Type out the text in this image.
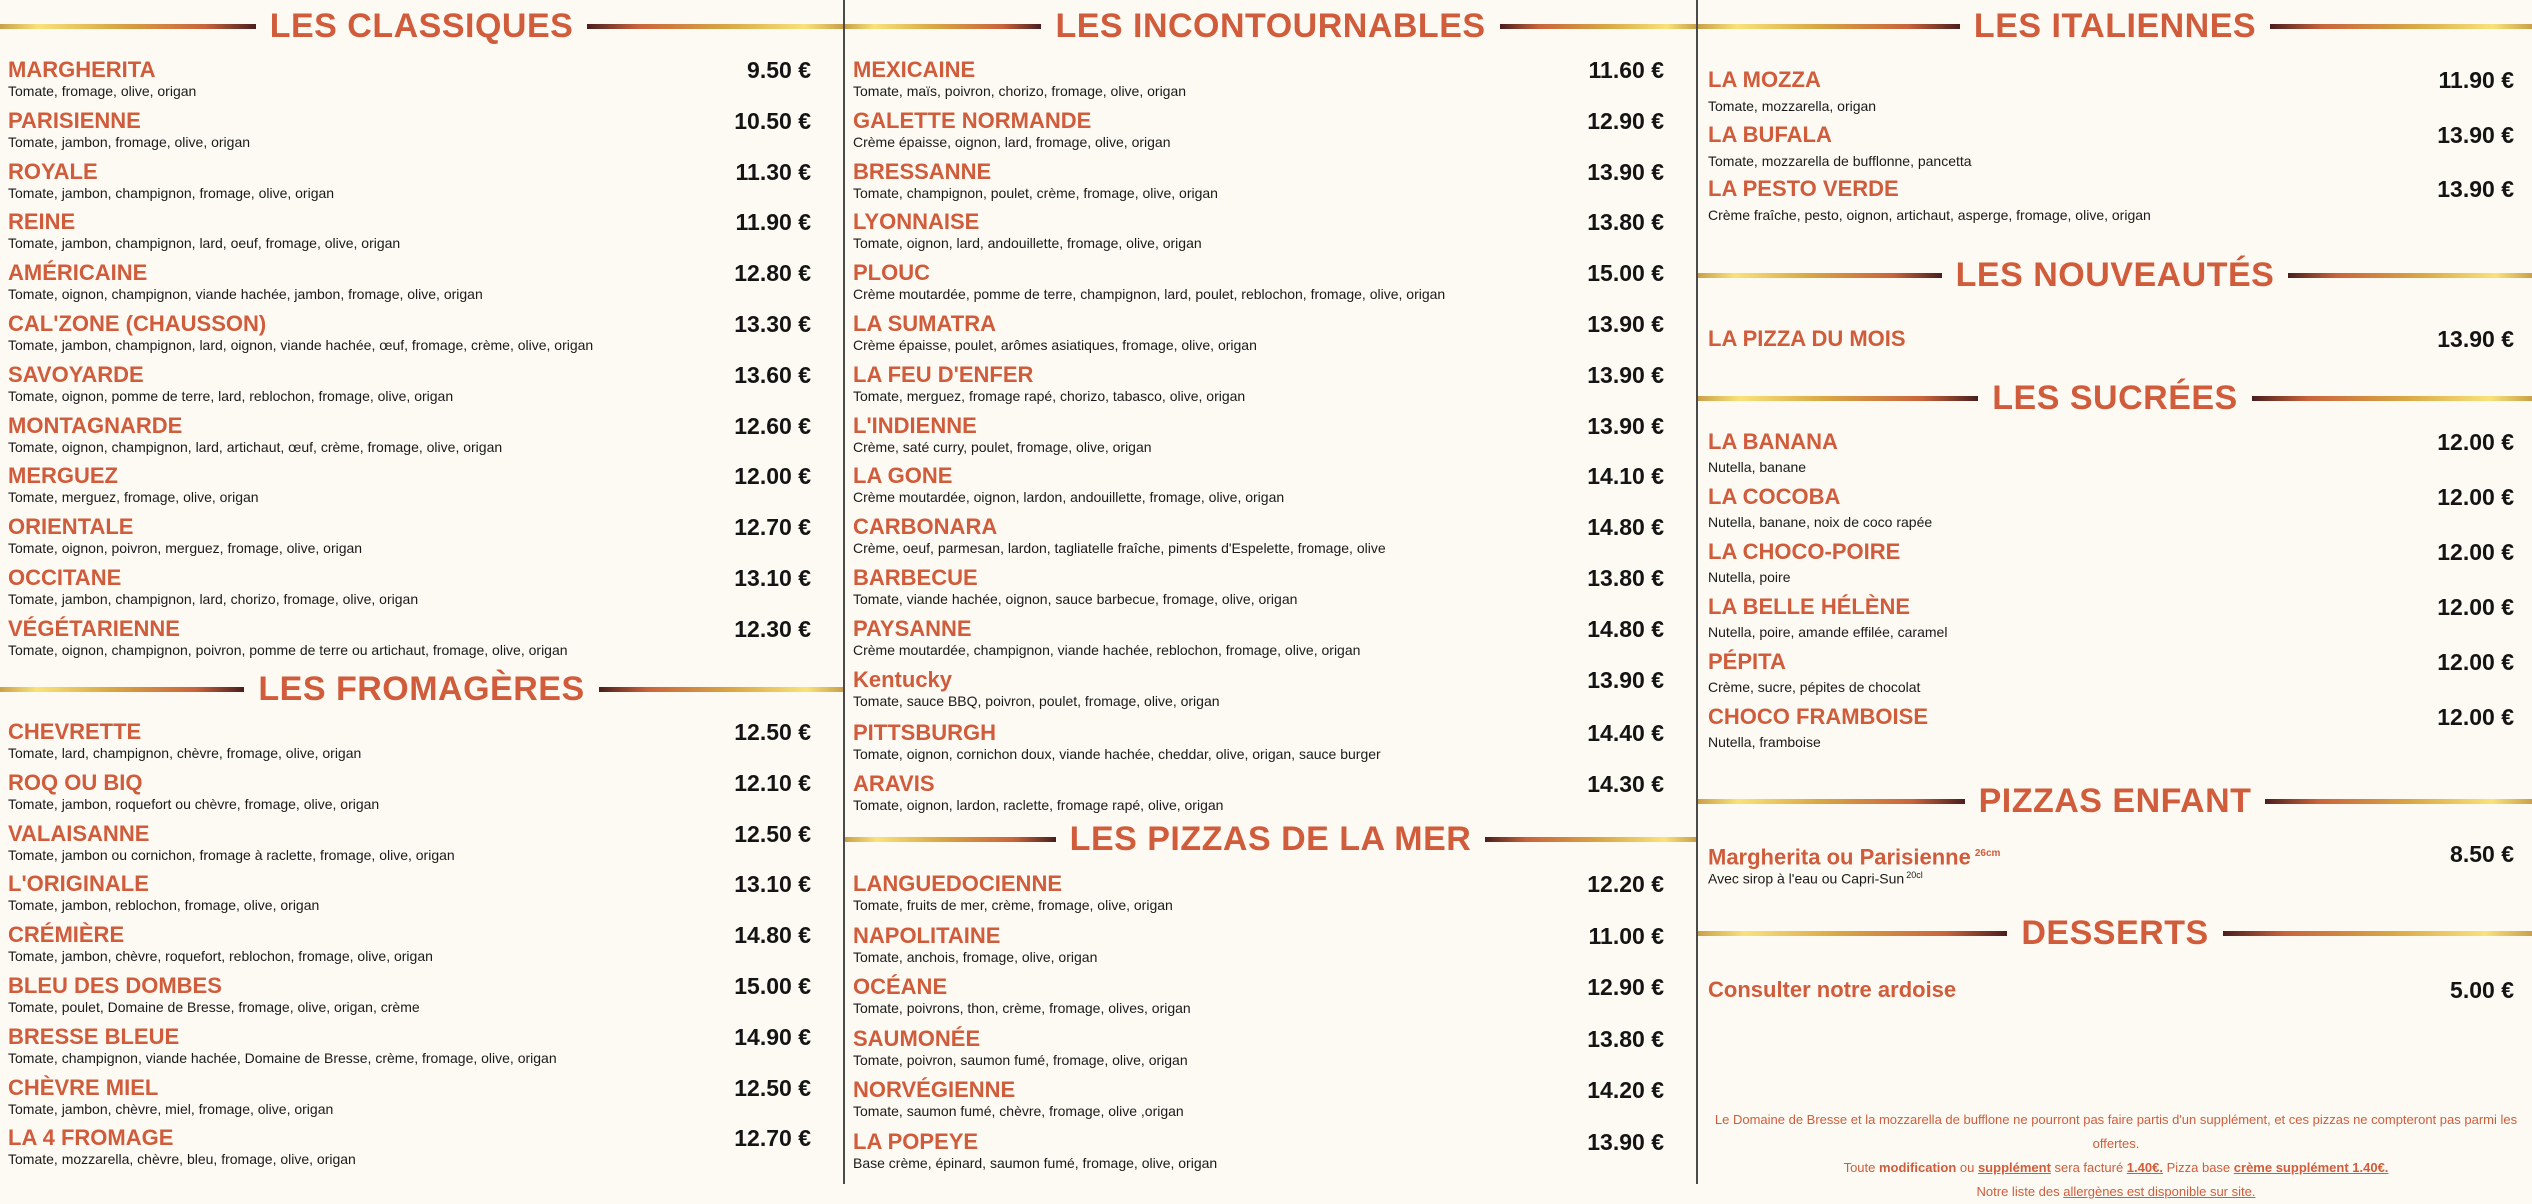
LES CLASSIQUES
MARGHERITA
Tomate, fromage, olive, origan
9.50 €
PARISIENNE
Tomate, jambon, fromage, olive, origan
10.50 €
ROYALE
Tomate, jambon, champignon, fromage, olive, origan
11.30 €
REINE
Tomate, jambon, champignon, lard, oeuf, fromage, olive, origan
11.90 €
AMÉRICAINE
Tomate, oignon, champignon, viande hachée, jambon, fromage, olive, origan
12.80 €
CAL'ZONE (CHAUSSON)
Tomate, jambon, champignon, lard, oignon, viande hachée, œuf, fromage, crème, olive, origan
13.30 €
SAVOYARDE
Tomate, oignon, pomme de terre, lard, reblochon, fromage, olive, origan
13.60 €
MONTAGNARDE
Tomate, oignon, champignon, lard, artichaut, œuf, crème, fromage, olive, origan
12.60 €
MERGUEZ
Tomate, merguez, fromage, olive, origan
12.00 €
ORIENTALE
Tomate, oignon, poivron, merguez, fromage, olive, origan
12.70 €
OCCITANE
Tomate, jambon, champignon, lard, chorizo, fromage, olive, origan
13.10 €
VÉGÉTARIENNE
Tomate, oignon, champignon, poivron, pomme de terre ou artichaut, fromage, olive, origan
12.30 €
LES FROMAGÈRES
CHEVRETTE
Tomate, lard, champignon, chèvre, fromage, olive, origan
12.50 €
ROQ OU BIQ
Tomate, jambon, roquefort ou chèvre, fromage, olive, origan
12.10 €
VALAISANNE
Tomate, jambon ou cornichon, fromage à raclette, fromage, olive, origan
12.50 €
L'ORIGINALE
Tomate, jambon, reblochon, fromage, olive, origan
13.10 €
CRÉMIÈRE
Tomate, jambon, chèvre, roquefort, reblochon, fromage, olive, origan
14.80 €
BLEU DES DOMBES
Tomate, poulet, Domaine de Bresse, fromage, olive, origan, crème
15.00 €
BRESSE BLEUE
Tomate, champignon, viande hachée, Domaine de Bresse, crème, fromage, olive, origan
14.90 €
CHÈVRE MIEL
Tomate, jambon, chèvre, miel, fromage, olive, origan
12.50 €
LA 4 FROMAGE
Tomate, mozzarella, chèvre, bleu, fromage, olive, origan
12.70 €
LES INCONTOURNABLES
MEXICAINE
Tomate, maïs, poivron, chorizo, fromage, olive, origan
11.60 €
GALETTE NORMANDE
Crème épaisse, oignon, lard, fromage, olive, origan
12.90 €
BRESSANNE
Tomate, champignon, poulet, crème, fromage, olive, origan
13.90 €
LYONNAISE
Tomate, oignon, lard, andouillette, fromage, olive, origan
13.80 €
PLOUC
Crème moutardée, pomme de terre, champignon, lard, poulet, reblochon, fromage, olive, origan
15.00 €
LA SUMATRA
Crème épaisse, poulet, arômes asiatiques, fromage, olive, origan
13.90 €
LA FEU D'ENFER
Tomate, merguez, fromage rapé, chorizo, tabasco, olive, origan
13.90 €
L'INDIENNE
Crème, saté curry, poulet, fromage, olive, origan
13.90 €
LA GONE
Crème moutardée, oignon, lardon, andouillette, fromage, olive, origan
14.10 €
CARBONARA
Crème, oeuf, parmesan, lardon, tagliatelle fraîche, piments d'Espelette, fromage, olive
14.80 €
BARBECUE
Tomate, viande hachée, oignon, sauce barbecue, fromage, olive, origan
13.80 €
PAYSANNE
Crème moutardée, champignon, viande hachée, reblochon, fromage, olive, origan
14.80 €
Kentucky
Tomate, sauce BBQ, poivron, poulet, fromage, olive, origan
13.90 €
PITTSBURGH
Tomate, oignon, cornichon doux, viande hachée, cheddar, olive, origan, sauce burger
14.40 €
ARAVIS
Tomate, oignon, lardon, raclette, fromage rapé, olive, origan
14.30 €
LES PIZZAS DE LA MER
LANGUEDOCIENNE
Tomate, fruits de mer, crème, fromage, olive, origan
12.20 €
NAPOLITAINE
Tomate, anchois, fromage, olive, origan
11.00 €
OCÉANE
Tomate, poivrons, thon, crème, fromage, olives, origan
12.90 €
SAUMONÉE
Tomate, poivron, saumon fumé, fromage, olive, origan
13.80 €
NORVÉGIENNE
Tomate, saumon fumé, chèvre, fromage, olive ,origan
14.20 €
LA POPEYE
Base crème, épinard, saumon fumé, fromage, olive, origan
13.90 €
LES ITALIENNES
LA MOZZA
Tomate, mozzarella, origan
11.90 €
LA BUFALA
Tomate, mozzarella de bufflonne, pancetta
13.90 €
LA PESTO VERDE
Crème fraîche, pesto, oignon, artichaut, asperge, fromage, olive, origan
13.90 €
LES NOUVEAUTÉS
LA PIZZA DU MOIS	13.90 €
LES SUCRÉES
LA BANANA
Nutella, banane
12.00 €
LA COCOBA
Nutella, banane, noix de coco rapée
12.00 €
LA CHOCO-POIRE
Nutella, poire
12.00 €
LA BELLE HÉLÈNE
Nutella, poire, amande effilée, caramel
12.00 €
PÉPITA
Crème, sucre, pépites de chocolat
12.00 €
CHOCO FRAMBOISE
Nutella, framboise
12.00 €
PIZZAS ENFANT
Margherita ou Parisienne $^{26cm}$
Avec sirop à l'eau ou Capri-Sun $^{20cl}$
8.50 €
DESSERTS
Consulter notre ardoise	5.00 €
Le Domaine de Bresse et la mozzarella de bufflone ne pourront pas faire partis d'un supplément, et ces pizzas ne compteront pas parmi les offertes.
Toute modification ou supplément sera facturé 1.40€. Pizza base crème supplément 1.40€.
Notre liste des allergènes est disponible sur site.
